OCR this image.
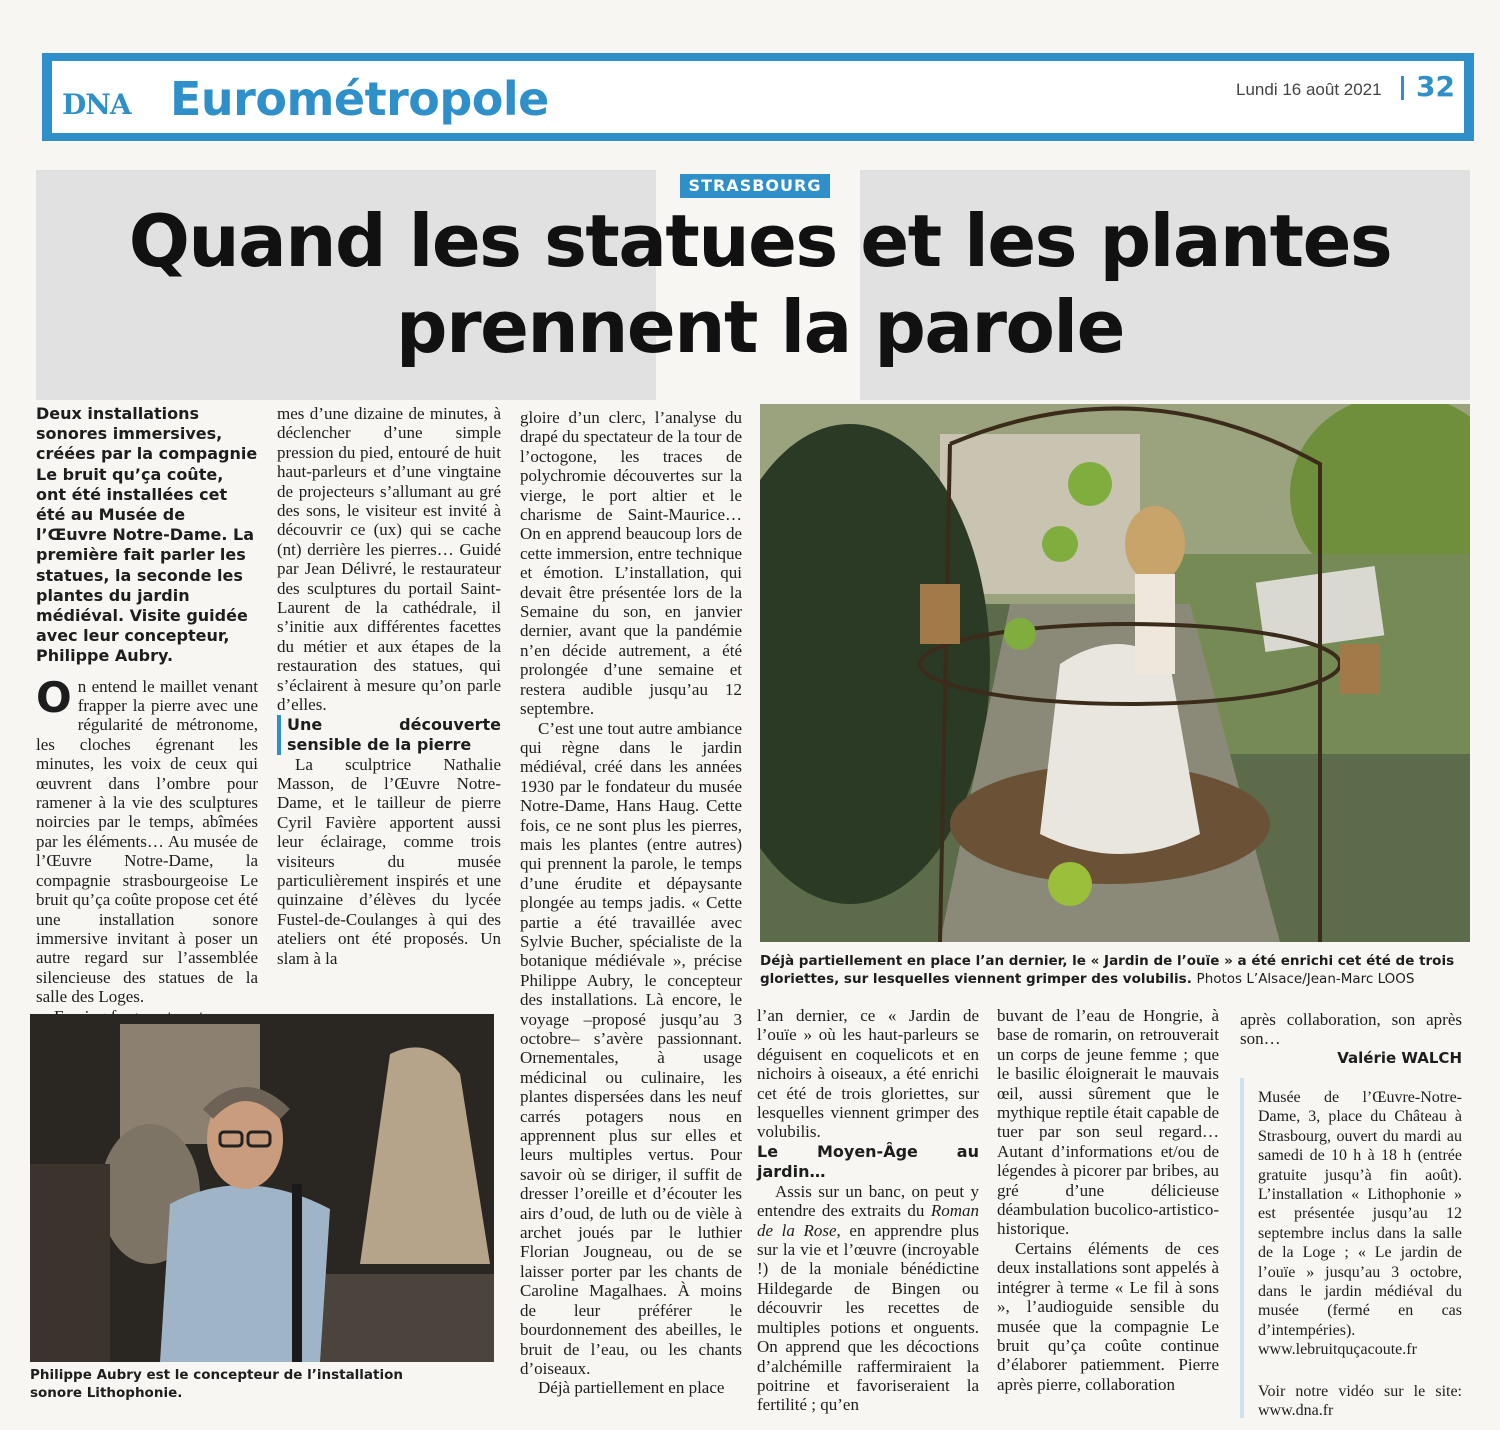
DNA Eurométropole	Lundi 16 août 2021 32
STRASBOURG
Quand les statues et les plantes
prennent la parole

Deux installations sonores immersives, créées par la compagnie Le bruit qu’ça coûte, ont été installées cet été au Musée de l’Œuvre Notre-Dame. La première fait parler les statues, la seconde les plantes du jardin médiéval. Visite guidée avec leur concepteur, Philippe Aubry.

On entend le maillet venant frapper la pierre avec une régularité de métronome, les cloches égrenant les minutes, les voix de ceux qui œuvrent dans l’ombre pour ramener à la vie des sculptures noircies par le temps, abîmées par les éléments… Au musée de l’Œuvre Notre-Dame, la compagnie strasbourgeoise Le bruit qu’ça coûte propose cet été une installation sonore immersive invitant à poser un autre regard sur l’assemblée silencieuse des statues de la salle des Loges.

mes d’une dizaine de minutes, à déclencher d’une simple pression du pied, entouré de huit haut-parleurs et d’une vingtaine de projecteurs s’allumant au gré des sons, le visiteur est invité à découvrir ce (ux) qui se cache (nt) derrière les pierres… Guidé par Jean Délivré, le restaurateur des sculptures du portail Saint-Laurent de la cathédrale, il s’initie aux différentes facettes du métier et aux étapes de la restauration des statues, qui s’éclairent à mesure qu’on parle d’elles.

Une découverte sensible de la pierre

La sculptrice Nathalie Masson, de l’Œuvre Notre-Dame, et le tailleur de pierre Cyril Favière apportent aussi leur éclairage, comme trois visiteurs du musée particulièrement inspirés et une quinzaine d’élèves du lycée Fustel-de-Coulanges à qui des ateliers ont été proposés. Un slam à la

gloire d’un clerc, l’analyse du drapé du spectateur de la tour de l’octogone, les traces de polychromie découvertes sur la vierge, le port altier et le charisme de Saint-Maurice… On en apprend beaucoup lors de cette immersion, entre technique et émotion. L’installation, qui devait être présentée lors de la Semaine du son, en janvier dernier, avant que la pandémie n’en décide autrement, a été prolongée d’une semaine et restera audible jusqu’au 12 septembre.

C’est une tout autre ambiance qui règne dans le jardin médiéval, créé dans les années 1930 par le fondateur du musée Notre-Dame, Hans Haug. Cette fois, ce ne sont plus les pierres, mais les plantes (entre autres) qui prennent la parole, le temps d’une érudite et dépaysante plongée au temps jadis. « Cette partie a été travaillée avec Sylvie Bucher, spécialiste de la botanique médiévale », précise Philippe Aubry, le concepteur des installations. Là encore, le voyage –proposé jusqu’au 3 octobre– s’avère passionnant. Ornementales, à usage médicinal ou culinaire, les plantes dispersées dans les neuf carrés potagers nous en apprennent plus sur elles et leurs multiples vertus. Pour savoir où se diriger, il suffit de dresser l’oreille et d’écouter les airs d’oud, de luth ou de vièle à archet joués par le luthier Florian Jougneau, ou de se laisser porter par les chants de Caroline Magalhaes. À moins de leur préférer le bourdonnement des abeilles, le bruit de l’eau, ou les chants d’oiseaux.

Déjà partiellement en place

Déjà partiellement en place l’an dernier, le « Jardin de l’ouïe » a été enrichi cet été de trois gloriettes, sur lesquelles viennent grimper des volubilis. Photos L’Alsace/Jean-Marc LOOS
Philippe Aubry est le concepteur de l’installation sonore Lithophonie.

l’an dernier, ce « Jardin de l’ouïe » où les haut-parleurs se déguisent en coquelicots et en nichoirs à oiseaux, a été enrichi cet été de trois gloriettes, sur lesquelles viennent grimper des volubilis.

Le Moyen-Âge au jardin…

Assis sur un banc, on peut y entendre des extraits du Roman de la Rose, en apprendre plus sur la vie et l’œuvre (incroyable !) de la moniale bénédictine Hildegarde de Bingen ou découvrir les recettes de multiples potions et onguents. On apprend que les décoctions d’alchémille raffermiraient la poitrine et favoriseraient la fertilité ; qu’en

buvant de l’eau de Hongrie, à base de romarin, on retrouverait un corps de jeune femme ; que le basilic éloignerait le mauvais œil, aussi sûrement que le mythique reptile était capable de tuer par son seul regard… Autant d’informations et/ou de légendes à picorer par bribes, au gré d’une délicieuse déambulation bucolico-artistico-historique.

Certains éléments de ces deux installations sont appelés à intégrer à terme « Le fil à sons », l’audioguide sensible du musée que la compagnie Le bruit qu’ça coûte continue d’élaborer patiemment. Pierre après pierre, collaboration

après collaboration, son après son…

Valérie WALCH

Musée de l’Œuvre-Notre-Dame, 3, place du Château à Strasbourg, ouvert du mardi au samedi de 10 h à 18 h (entrée gratuite jusqu’à fin août). L’installation « Lithophonie » est présentée jusqu’au 12 septembre inclus dans la salle de la Loge ; « Le jardin de l’ouïe » jusqu’au 3 octobre, dans le jardin médiéval du musée (fermé en cas d’intempéries). www.lebruitquçacoute.fr

Voir notre vidéo sur le site: www.dna.fr
